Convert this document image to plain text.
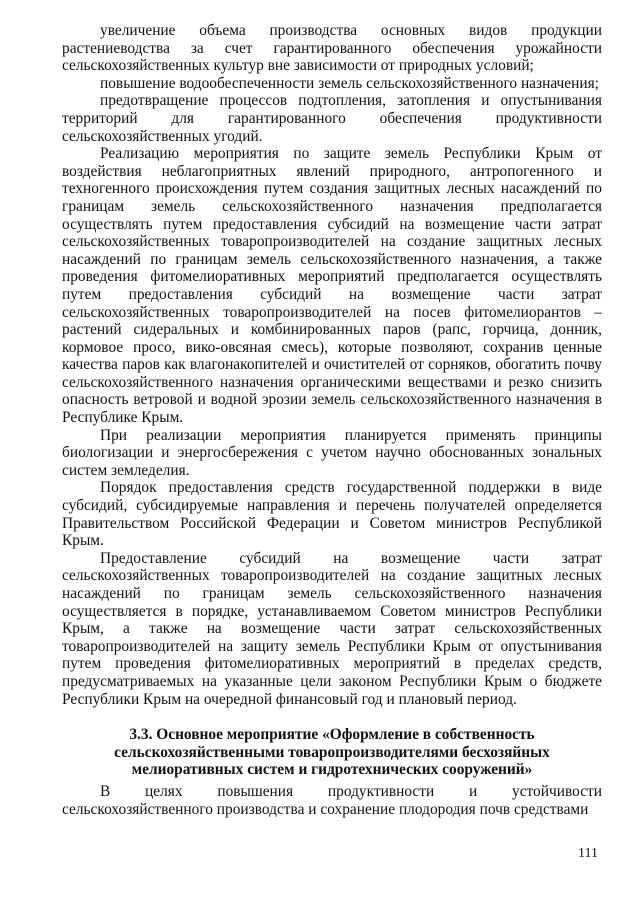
увеличение объема производства основных видов продукции растениеводства за счет гарантированного обеспечения урожайности сельскохозяйственных культур вне зависимости от природных условий;

повышение водообеспеченности земель сельскохозяйственного назначения;

предотвращение процессов подтопления, затопления и опустынивания территорий для гарантированного обеспечения продуктивности сельскохозяйственных угодий.

Реализацию мероприятия по защите земель Республики Крым от воздействия неблагоприятных явлений природного, антропогенного и техногенного происхождения путем создания защитных лесных насаждений по границам земель сельскохозяйственного назначения предполагается осуществлять путем предоставления субсидий на возмещение части затрат сельскохозяйственных товаропроизводителей на создание защитных лесных насаждений по границам земель сельскохозяйственного назначения, а также проведения фитомелиоративных мероприятий предполагается осуществлять путем предоставления субсидий на возмещение части затрат сельскохозяйственных товаропроизводителей на посев фитомелиорантов – растений сидеральных и комбинированных паров (рапс, горчица, донник, кормовое просо, вико-овсяная смесь), которые позволяют, сохранив ценные качества паров как влагонакопителей и очистителей от сорняков, обогатить почву сельскохозяйственного назначения органическими веществами и резко снизить опасность ветровой и водной эрозии земель сельскохозяйственного назначения в Республике Крым.

При реализации мероприятия планируется применять принципы биологизации и энергосбережения с учетом научно обоснованных зональных систем земледелия.

Порядок предоставления средств государственной поддержки в виде субсидий, субсидируемые направления и перечень получателей определяется Правительством Российской Федерации и Советом министров Республикой Крым.

Предоставление субсидий на возмещение части затрат сельскохозяйственных товаропроизводителей на создание защитных лесных насаждений по границам земель сельскохозяйственного назначения осуществляется в порядке, устанавливаемом Советом министров Республики Крым, а также на возмещение части затрат сельскохозяйственных товаропроизводителей на защиту земель Республики Крым от опустынивания путем проведения фитомелиоративных мероприятий в пределах средств, предусматриваемых на указанные цели законом Республики Крым о бюджете Республики Крым на очередной финансовый год и плановый период.

3.3. Основное мероприятие «Оформление в собственность сельскохозяйственными товаропроизводителями бесхозяйных мелиоративных систем и гидротехнических сооружений»

В целях повышения продуктивности и устойчивости сельскохозяйственного производства и сохранение плодородия почв средствами

111
